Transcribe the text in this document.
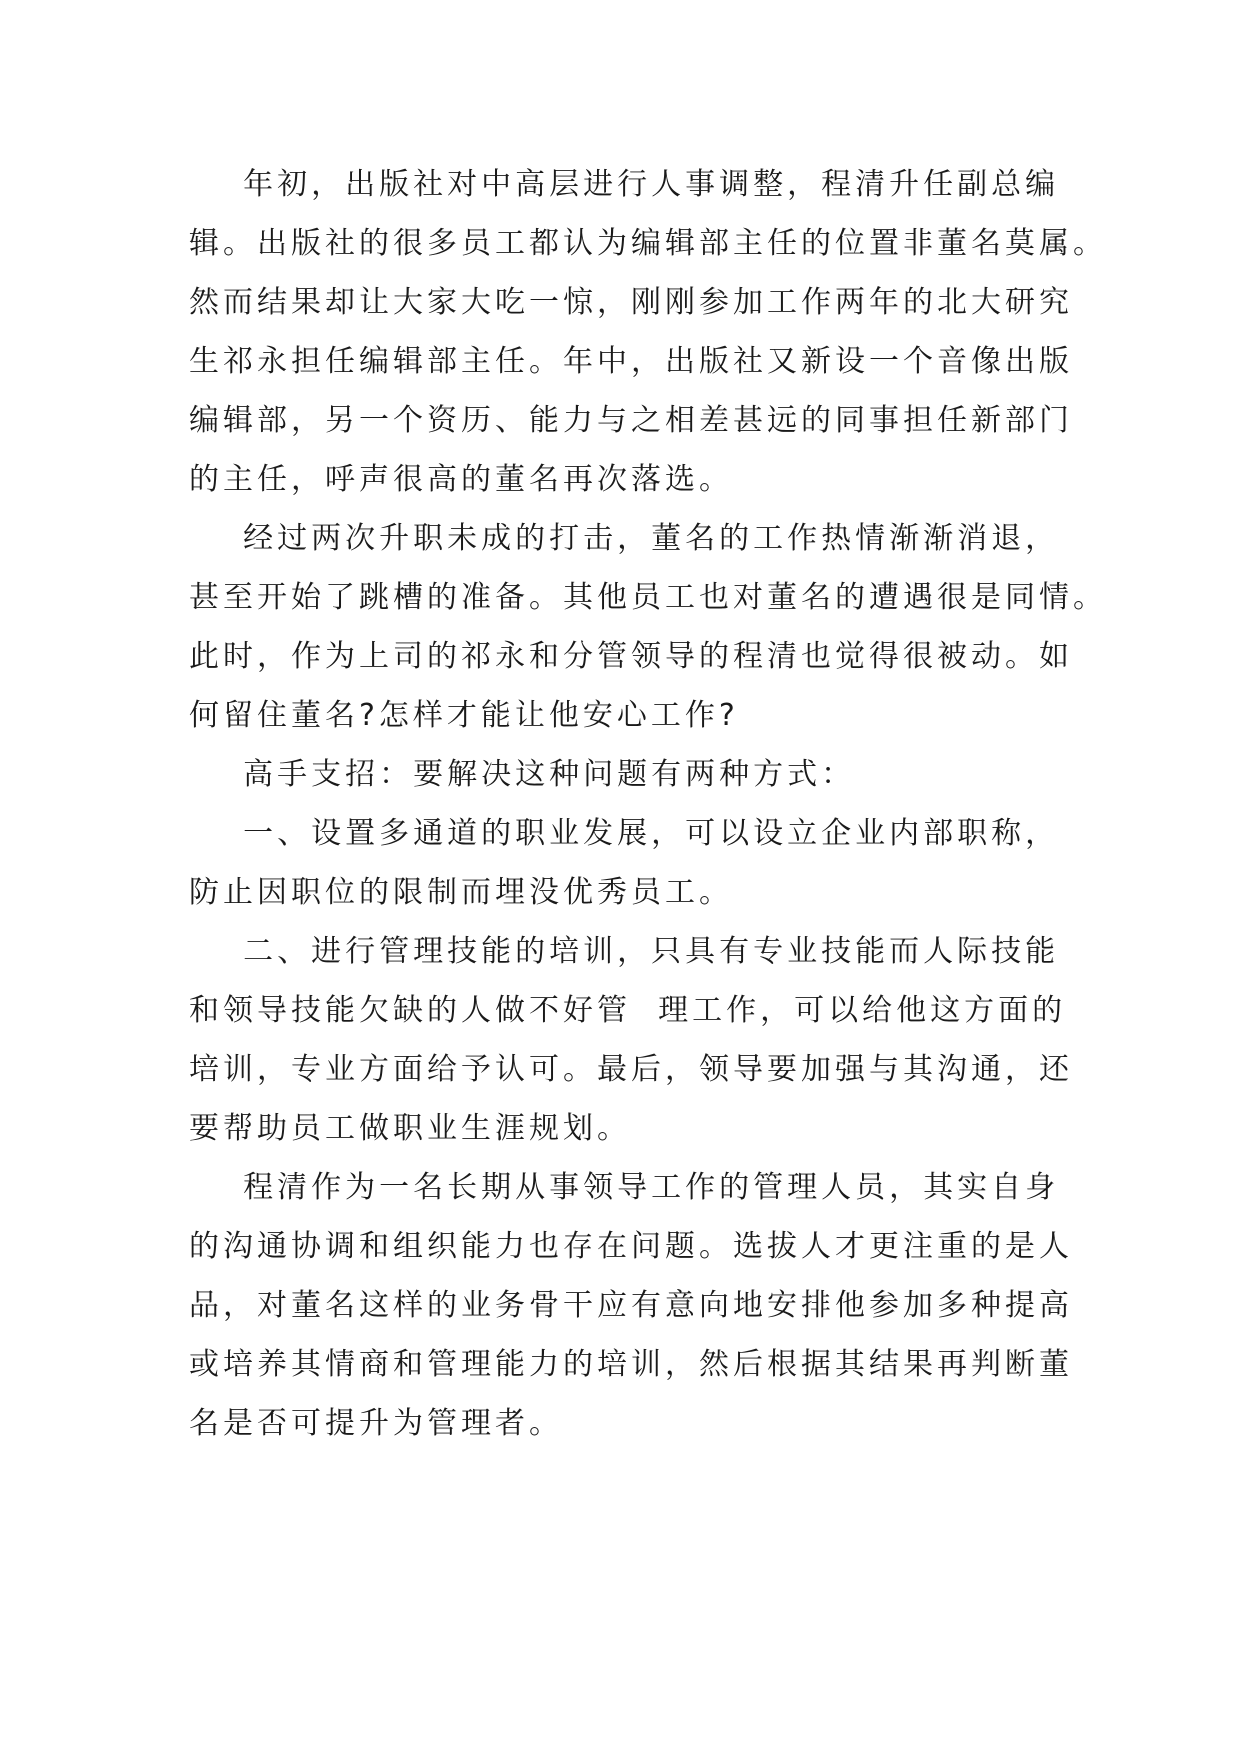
年初，出版社对中高层进行人事调整，程清升任副总编
辑。出版社的很多员工都认为编辑部主任的位置非董名莫属。
然而结果却让大家大吃一惊，刚刚参加工作两年的北大研究
生祁永担任编辑部主任。年中，出版社又新设一个音像出版
编辑部，另一个资历、能力与之相差甚远的同事担任新部门
的主任，呼声很高的董名再次落选。
经过两次升职未成的打击，董名的工作热情渐渐消退，
甚至开始了跳槽的准备。其他员工也对董名的遭遇很是同情。
此时，作为上司的祁永和分管领导的程清也觉得很被动。如
何留住董名?怎样才能让他安心工作?
高手支招：要解决这种问题有两种方式：
一、设置多通道的职业发展，可以设立企业内部职称，
防止因职位的限制而埋没优秀员工。
二、进行管理技能的培训，只具有专业技能而人际技能
和领导技能欠缺的人做不好管  理工作，可以给他这方面的
培训，专业方面给予认可。最后，领导要加强与其沟通，还
要帮助员工做职业生涯规划。
程清作为一名长期从事领导工作的管理人员，其实自身
的沟通协调和组织能力也存在问题。选拔人才更注重的是人
品，对董名这样的业务骨干应有意向地安排他参加多种提高
或培养其情商和管理能力的培训，然后根据其结果再判断董
名是否可提升为管理者。
